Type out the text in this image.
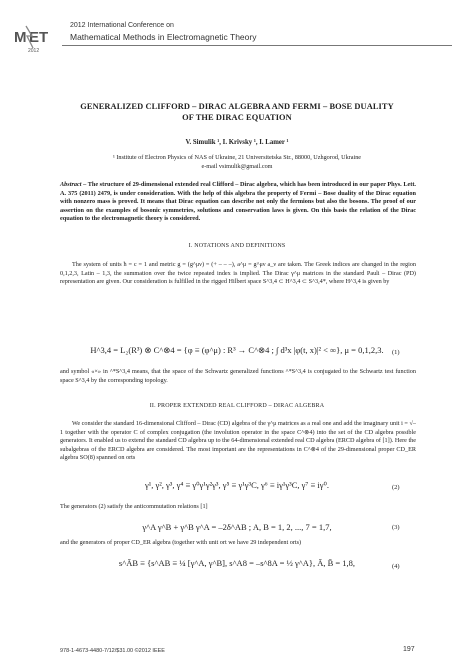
M ET
2012
2012 International Conference on
Mathematical Methods in Electromagnetic Theory
GENERALIZED CLIFFORD – DIRAC ALGEBRA AND FERMI – BOSE DUALITY
OF THE DIRAC EQUATION
V. Simulik ¹, I. Krivsky ¹, I. Lamer ¹
¹ Institute of Electron Physics of NAS of Ukraine, 21 Universitetska Str., 88000, Uzhgorod, Ukraine
e-mail vsimulik@gmail.com
Abstract – The structure of 29-dimensional extended real Clifford – Dirac algebra, which has been introduced in our paper Phys. Lett. A. 375 (2011) 2479, is under consideration. With the help of this algebra the property of Fermi – Bose duality of the Dirac equation with nonzero mass is proved. It means that Dirac equation can describe not only the fermions but also the bosons. The proof of our assertion on the examples of bosonic symmetries, solutions and conservation laws is given. On this basis the relation of the Dirac equation to the electromagnetic theory is considered.
I. NOTATIONS AND DEFINITIONS
The system of units ħ = c = 1 and metric g = (g^μν) = (+ – – –), a^μ = g^μν a_ν are taken. The Greek indices are changed in the region 0,1,2,3, Latin – 1,3, the summation over the twice repeated index is implied. The Dirac γ^μ matrices in the standard Pauli – Dirac (PD) representation are given. Our consideration is fulfilled in the rigged Hilbert space S^3,4 ⊂ H^3,4 ⊂ S^3,4*, where H^3,4 is given by
H^3,4 = L₂(R³) ⊗ C^⊗4 = {φ ≡ (φ^μ) : R³ → C^⊗4 ; ∫ d³x |φ(t, x)|² < ∞}, μ = 0,1,2,3.	(1)
and symbol «×» in ^*S^3,4 means, that the space of the Schwartz generalized functions ^*S^3,4 is conjugated to the Schwartz test function space S^3,4 by the corresponding topology.
II. PROPER EXTENDED REAL CLIFFORD – DIRAC ALGEBRA
We consider the standard 16-dimensional Clifford – Dirac (CD) algebra of the γ^μ matrices as a real one and add the imaginary unit i = √–1 together with the operator C of complex conjugation (the involution operator in the space C^⊗4) into the set of the CD algebra possible generators. It enabled us to extend the standard CD algebra up to the 64-dimensional extended real CD algebra (ERCD algebra of [1]). Here the subalgebras of the ERCD algebra are considered. The most important are the representations in C^⊗4 of the 29-dimensional proper CD_ER algebra SO(8) spanned on orts
γ¹, γ², γ³, γ⁴ ≡ γ⁰γ¹γ²γ³, γ⁵ ≡ γ¹γ³C, γ⁶ ≡ iγ¹γ³C, γ⁷ ≡ iγ⁰.	(2)
The generators (2) satisfy the anticommutation relations [1]
γ^A γ^B + γ^B γ^A = –2δ^AB ; A, B = 1, 2, ..., 7 = 1,7,	(3)
and the generators of proper CD_ER algebra (together with unit ort we have 29 independent orts)
s^ĀB ≡ {s^AB ≡ ¼ [γ^A, γ^B], s^A8 = –s^8A = ½ γ^A}, Ā, B̄ = 1,8,	(4)
978-1-4673-4480-7/12/$31.00 ©2012 IEEE	197
